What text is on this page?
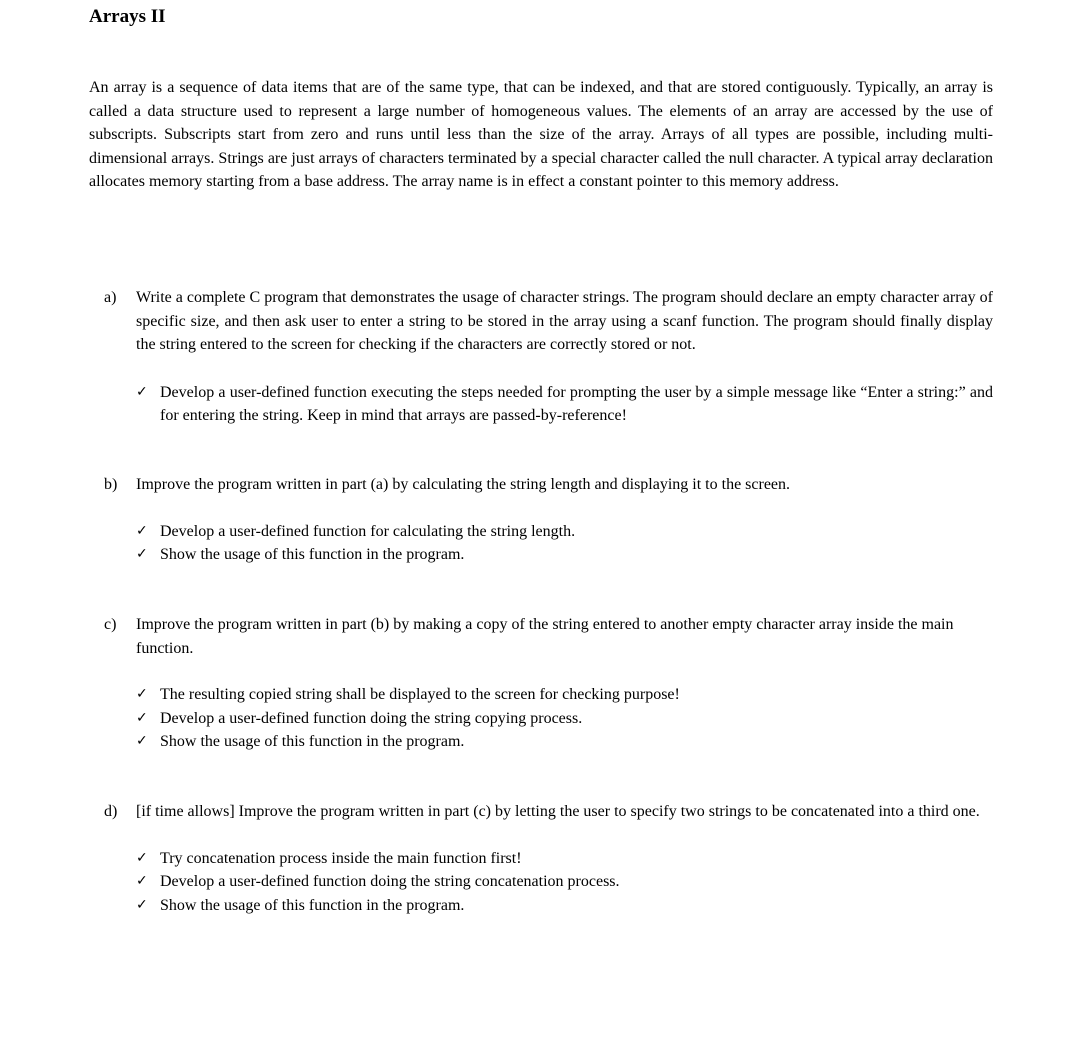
Arrays II

An array is a sequence of data items that are of the same type, that can be indexed, and that are stored contiguously. Typically, an array is called a data structure used to represent a large number of homogeneous values. The elements of an array are accessed by the use of subscripts. Subscripts start from zero and runs until less than the size of the array. Arrays of all types are possible, including multi-dimensional arrays. Strings are just arrays of characters terminated by a special character called the null character. A typical array declaration allocates memory starting from a base address. The array name is in effect a constant pointer to this memory address.

a)	Write a complete C program that demonstrates the usage of character strings. The program should declare an empty character array of specific size, and then ask user to enter a string to be stored in the array using a scanf function. The program should finally display the string entered to the screen for checking if the characters are correctly stored or not.

✓ Develop a user-defined function executing the steps needed for prompting the user by a simple message like “Enter a string:” and for entering the string. Keep in mind that arrays are passed-by-reference!
b)	Improve the program written in part (a) by calculating the string length and displaying it to the screen.

✓ Develop a user-defined function for calculating the string length.
✓ Show the usage of this function in the program.
c)	Improve the program written in part (b) by making a copy of the string entered to another empty character array inside the main function.

✓ The resulting copied string shall be displayed to the screen for checking purpose!
✓ Develop a user-defined function doing the string copying process.
✓ Show the usage of this function in the program.
d)	[if time allows] Improve the program written in part (c) by letting the user to specify two strings to be concatenated into a third one.

✓ Try concatenation process inside the main function first!
✓ Develop a user-defined function doing the string concatenation process.
✓ Show the usage of this function in the program.
